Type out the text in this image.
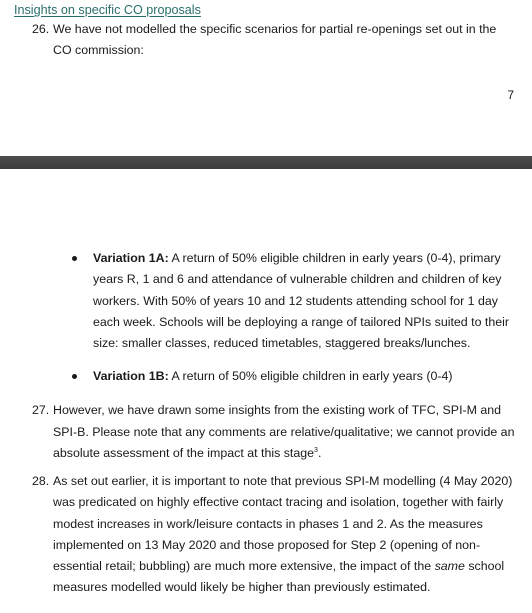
Insights on specific CO proposals
26. We have not modelled the specific scenarios for partial re-openings set out in the CO commission:
7
Variation 1A: A return of 50% eligible children in early years (0-4), primary years R, 1 and 6 and attendance of vulnerable children and children of key workers. With 50% of years 10 and 12 students attending school for 1 day each week. Schools will be deploying a range of tailored NPIs suited to their size: smaller classes, reduced timetables, staggered breaks/lunches.
Variation 1B: A return of 50% eligible children in early years (0-4)
27. However, we have drawn some insights from the existing work of TFC, SPI-M and SPI-B. Please note that any comments are relative/qualitative; we cannot provide an absolute assessment of the impact at this stage$^3$.
28. As set out earlier, it is important to note that previous SPI-M modelling (4 May 2020) was predicated on highly effective contact tracing and isolation, together with fairly modest increases in work/leisure contacts in phases 1 and 2. As the measures implemented on 13 May 2020 and those proposed for Step 2 (opening of non-essential retail; bubbling) are much more extensive, the impact of the same school measures modelled would likely be higher than previously estimated.
